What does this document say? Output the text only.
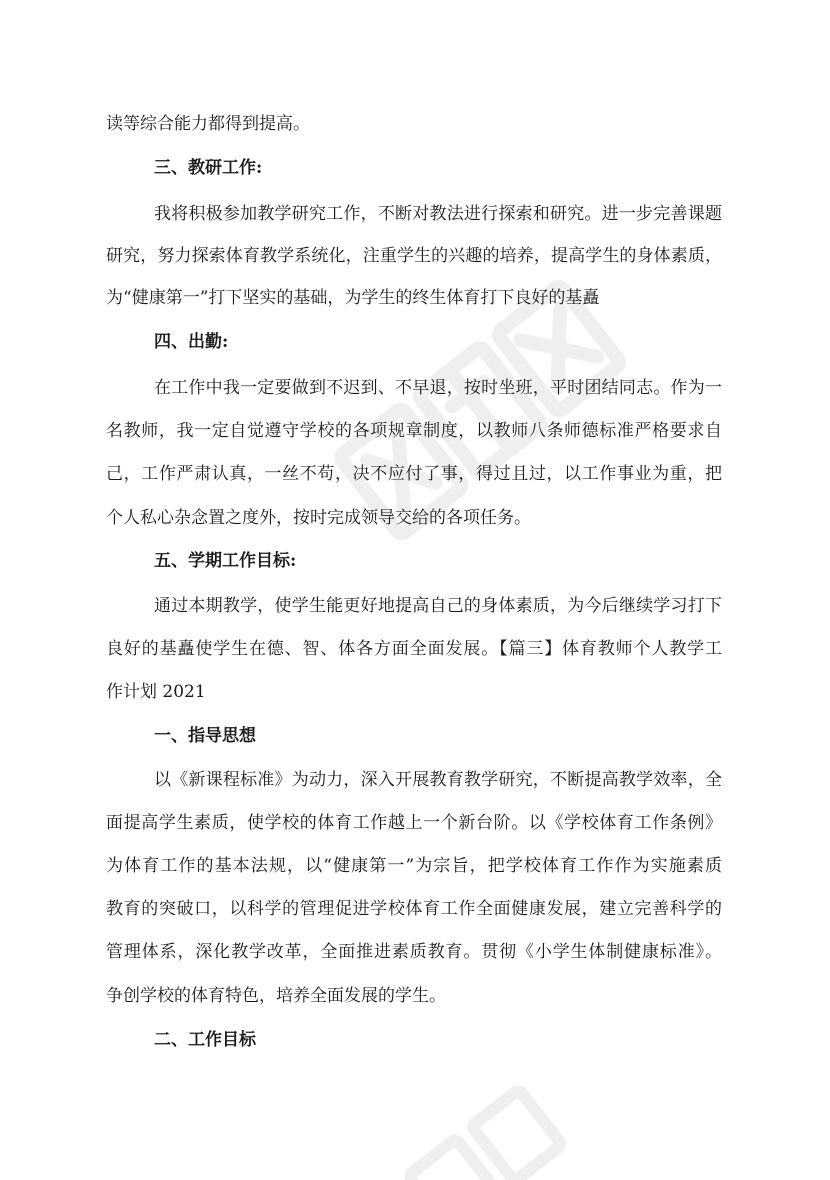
读等综合能力都得到提高。
三、教研工作:
我将积极参加教学研究工作，不断对教法进行探索和研究。进一步完善课题
研究，努力探索体育教学系统化，注重学生的兴趣的培养，提高学生的身体素质，
为“健康第一”打下坚实的基础，为学生的终生体育打下良好的基矗
四、出勤:
在工作中我一定要做到不迟到、不早退，按时坐班，平时团结同志。作为一
名教师，我一定自觉遵守学校的各项规章制度，以教师八条师德标准严格要求自
己，工作严肃认真，一丝不苟，决不应付了事，得过且过，以工作事业为重，把
个人私心杂念置之度外，按时完成领导交给的各项任务。
五、学期工作目标:
通过本期教学，使学生能更好地提高自己的身体素质，为今后继续学习打下
良好的基矗使学生在德、智、体各方面全面发展。【篇三】体育教师个人教学工
作计划 2021
一、指导思想
以《新课程标准》为动力，深入开展教育教学研究，不断提高教学效率，全
面提高学生素质，使学校的体育工作越上一个新台阶。以《学校体育工作条例》
为体育工作的基本法规，以“健康第一”为宗旨，把学校体育工作作为实施素质
教育的突破口，以科学的管理促进学校体育工作全面健康发展，建立完善科学的
管理体系，深化教学改革，全面推进素质教育。贯彻《小学生体制健康标准》。
争创学校的体育特色，培养全面发展的学生。
二、工作目标
